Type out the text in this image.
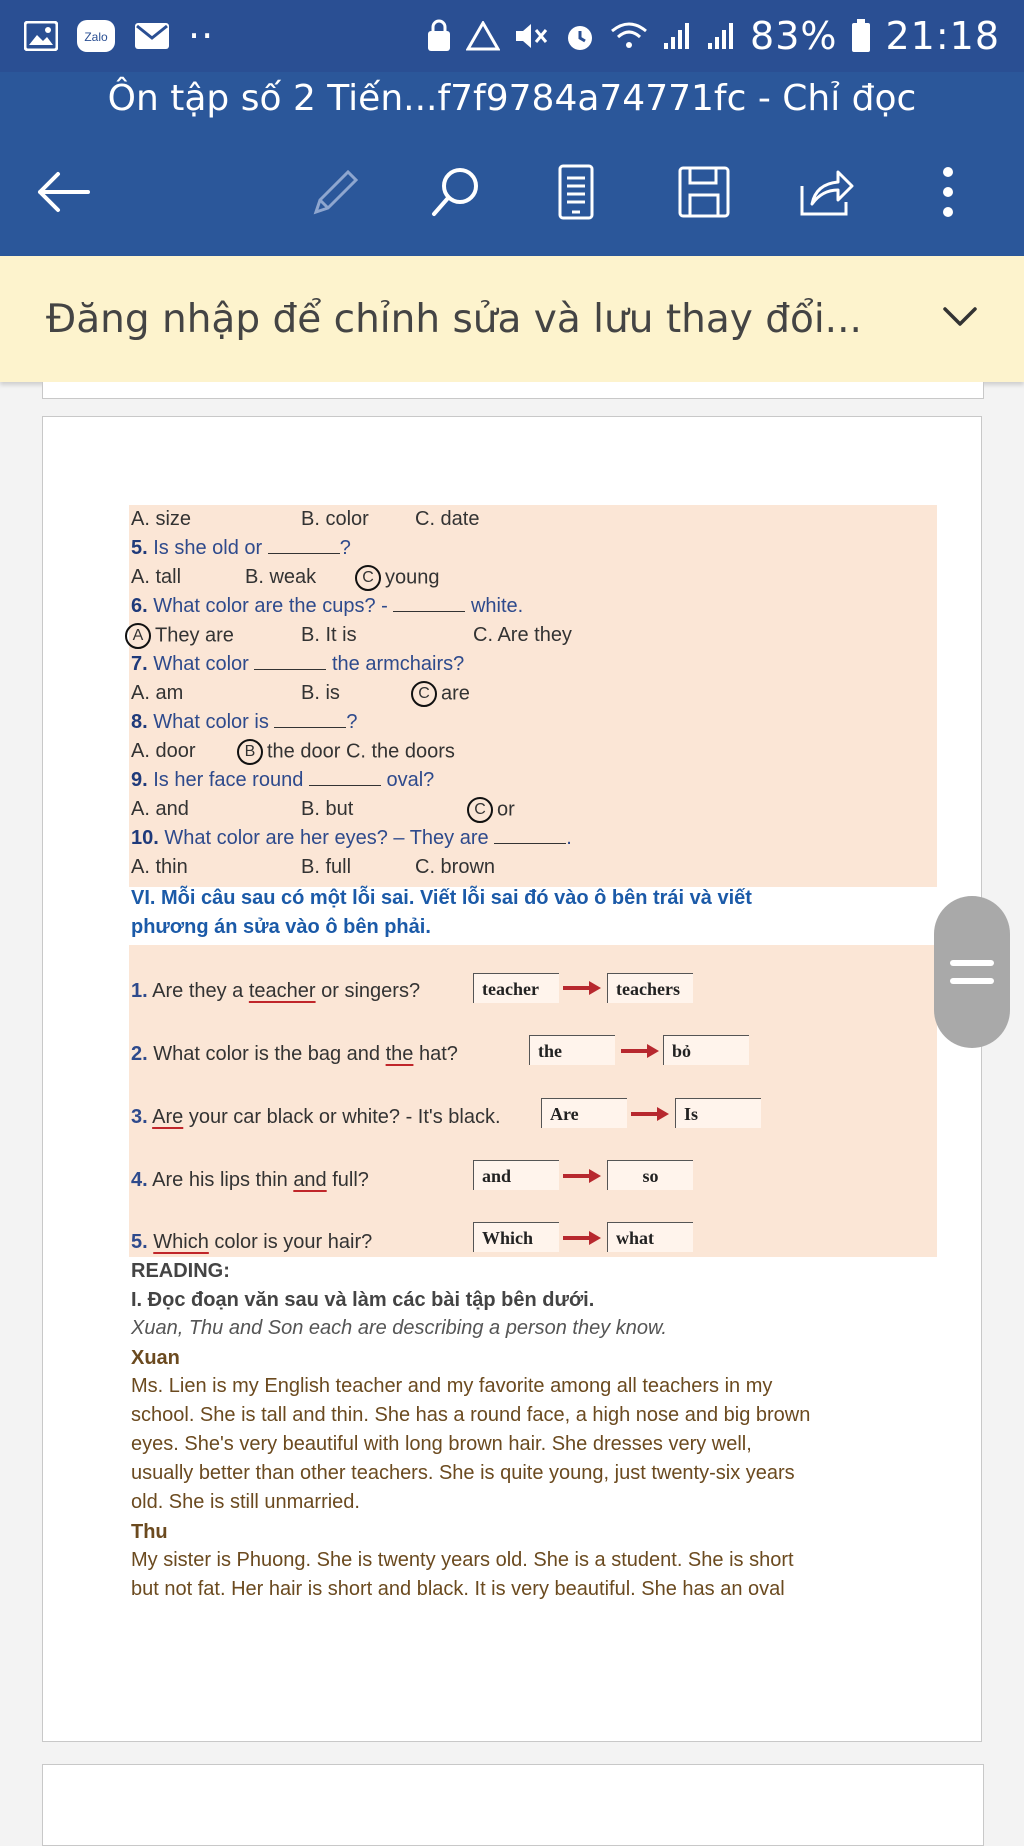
Zalo ··	83% 21:18
Ôn tập số 2 Tiến...f7f9784a74771fc - Chỉ đọc
Đăng nhập để chỉnh sửa và lưu thay đổi...
A. size	B. color C. date
5. Is she old or	?
A. tall	B. weak	C young
6. What color are the cups? -	white.
A They are	B. It is	C. Are they
7. What color	the armchairs?
A. am	B. is	C are
8. What color is	?
A. door	B the door C. the doors
9. Is her face round	oval?
A. and	B. but	C or
10. What color are her eyes? – They are	.
A. thin	B. full	C. brown
VI. Mỗi câu sau có một lỗi sai. Viết lỗi sai đó vào ô bên trái và viết
phương án sửa vào ô bên phải.
1. Are they a teacher or singers?	teacher	teachers
2. What color is the bag and the hat?	the	bỏ
3. Are your car black or white? - It's black.	Are	Is
4. Are his lips thin and full?	and	so
5. Which color is your hair?	Which	what
READING:
I. Đọc đoạn văn sau và làm các bài tập bên dưới.
Xuan, Thu and Son each are describing a person they know.
Xuan
Ms. Lien is my English teacher and my favorite among all teachers in my
school. She is tall and thin. She has a round face, a high nose and big brown
eyes. She's very beautiful with long brown hair. She dresses very well,
usually better than other teachers. She is quite young, just twenty-six years
old. She is still unmarried.
Thu
My sister is Phuong. She is twenty years old. She is a student. She is short
but not fat. Her hair is short and black. It is very beautiful. She has an oval
